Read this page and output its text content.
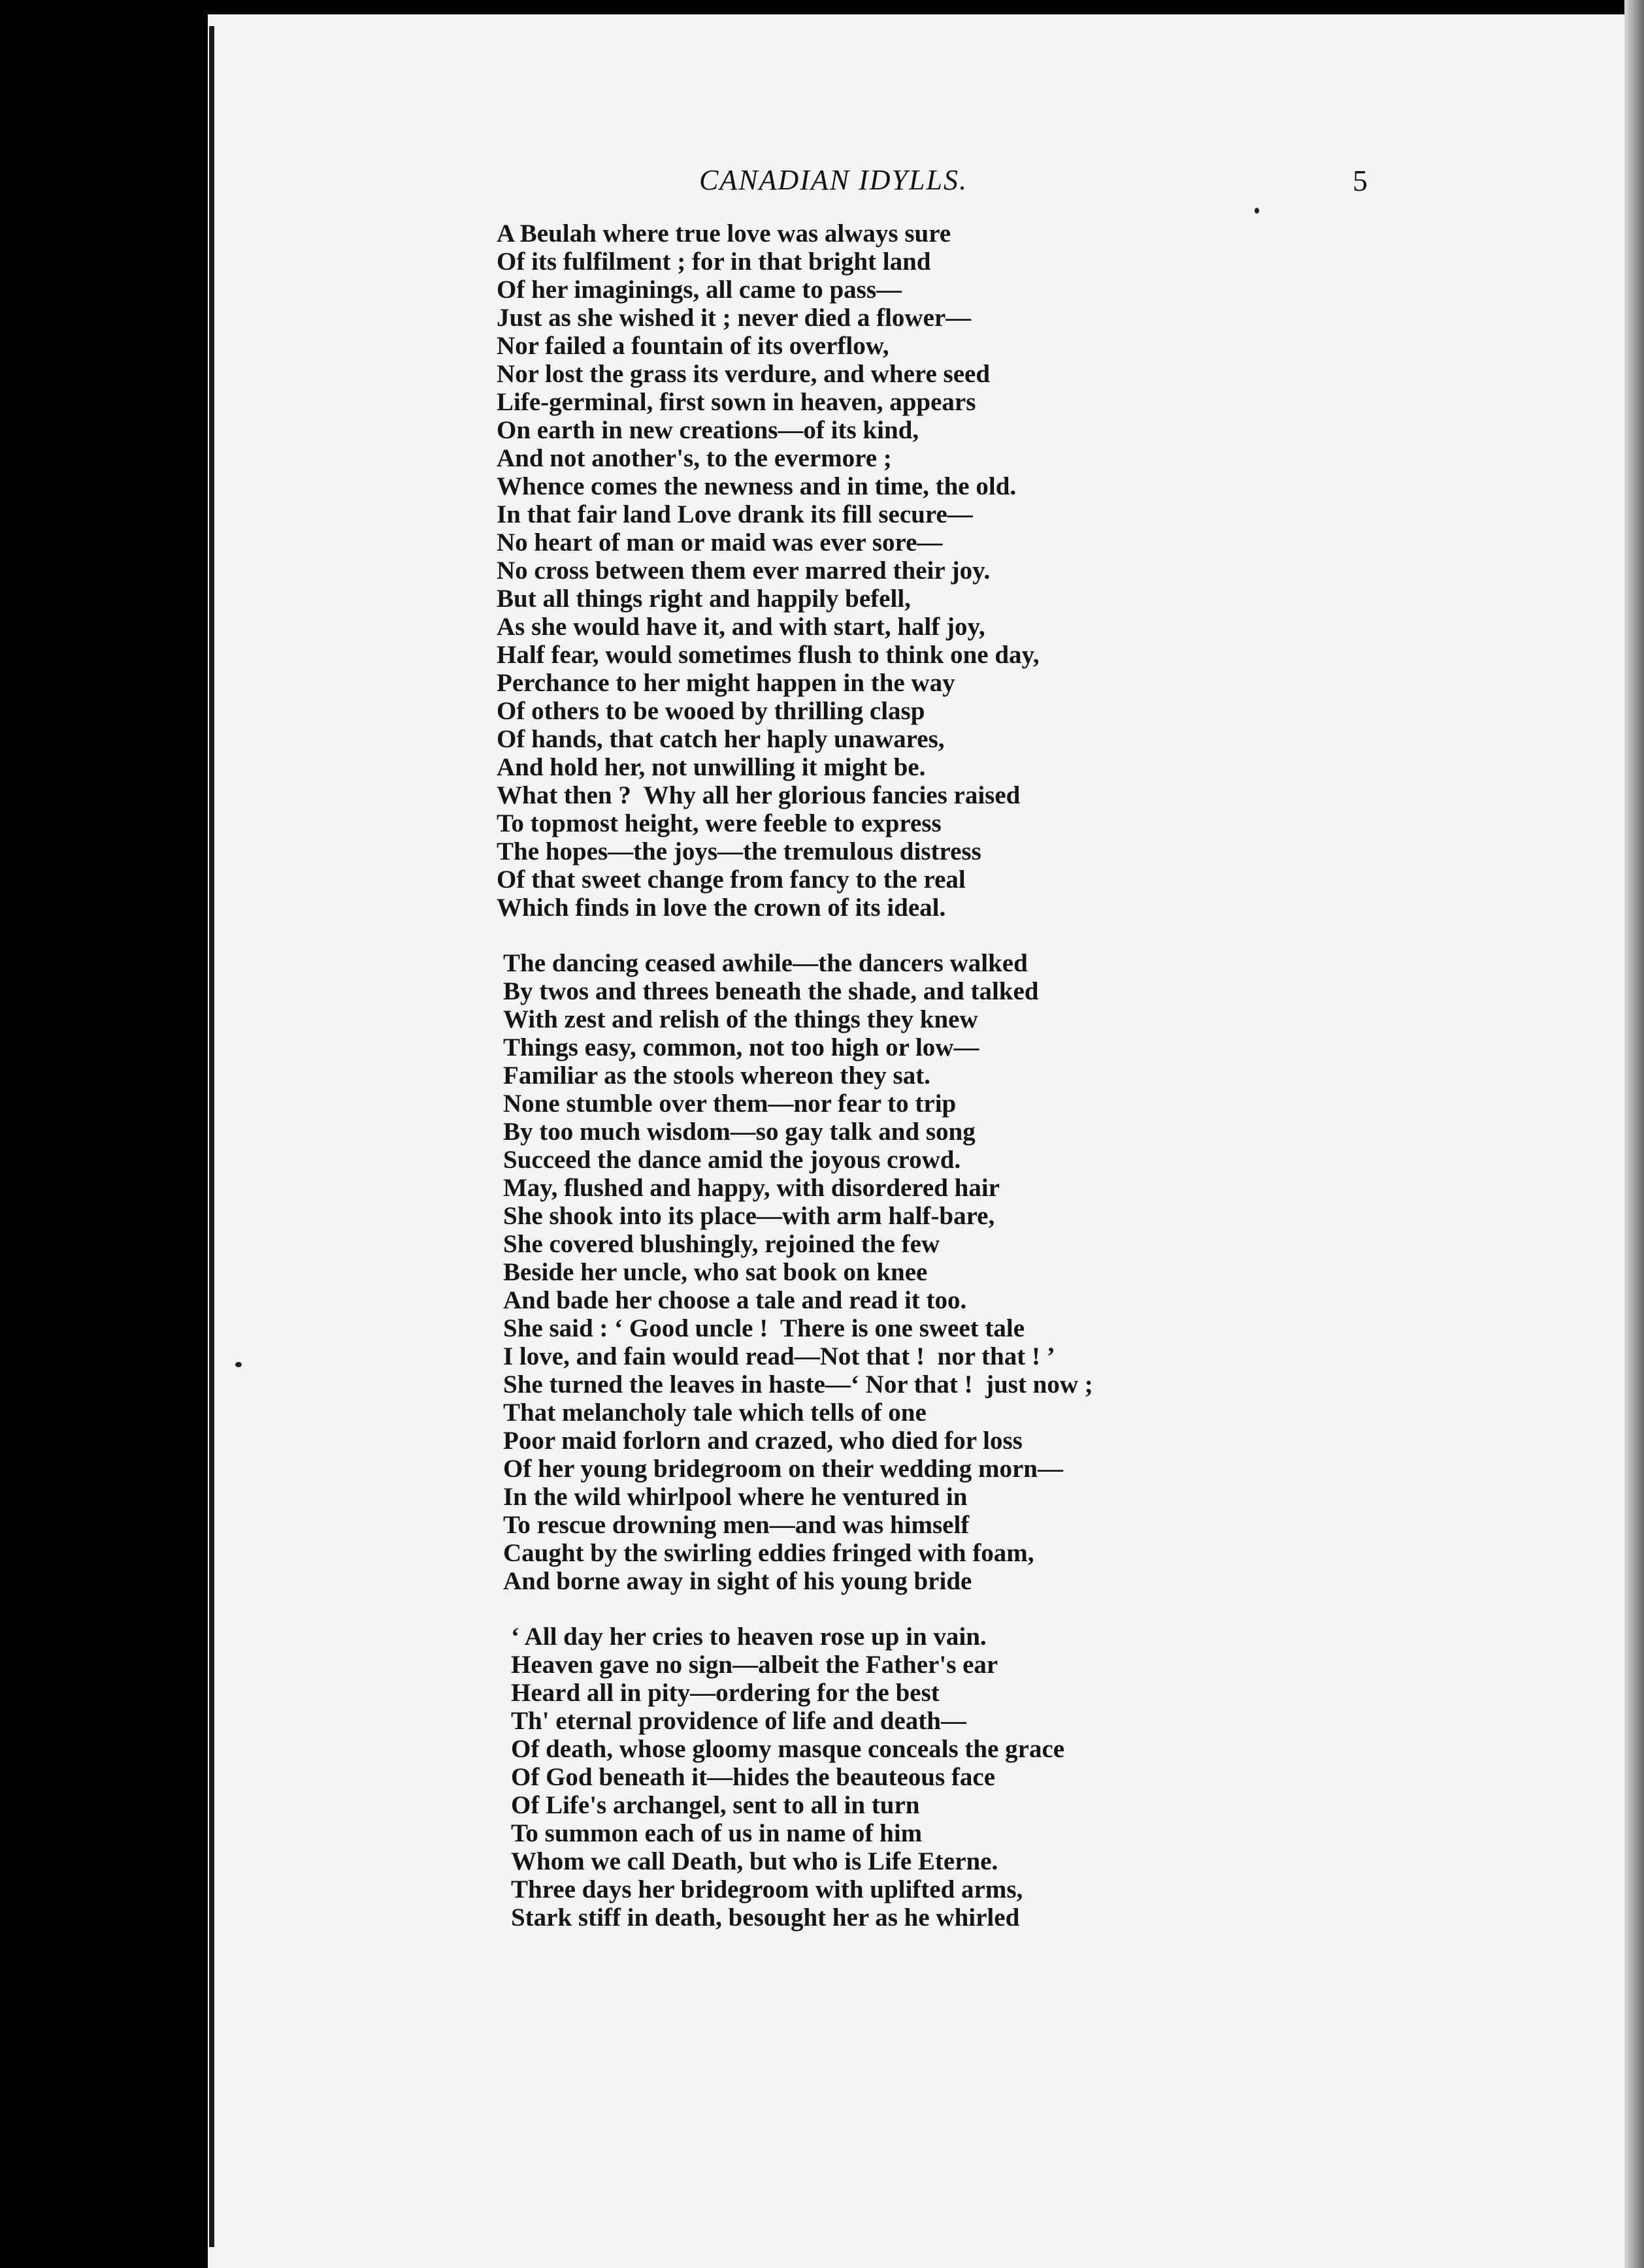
CANADIAN IDYLLS.	5
A Beulah where true love was always sure
Of its fulfilment ; for in that bright land
Of her imaginings, all came to pass—
Just as she wished it ; never died a flower—
Nor failed a fountain of its overflow,
Nor lost the grass its verdure, and where seed
Life-germinal, first sown in heaven, appears
On earth in new creations—of its kind,
And not another's, to the evermore ;
Whence comes the newness and in time, the old.
In that fair land Love drank its fill secure—
No heart of man or maid was ever sore—
No cross between them ever marred their joy.
But all things right and happily befell,
As she would have it, and with start, half joy,
Half fear, would sometimes flush to think one day,
Perchance to her might happen in the way
Of others to be wooed by thrilling clasp
Of hands, that catch her haply unawares,
And hold her, not unwilling it might be.
What then ?  Why all her glorious fancies raised
To topmost height, were feeble to express
The hopes—the joys—the tremulous distress
Of that sweet change from fancy to the real
Which finds in love the crown of its ideal.
The dancing ceased awhile—the dancers walked
By twos and threes beneath the shade, and talked
With zest and relish of the things they knew
Things easy, common, not too high or low—
Familiar as the stools whereon they sat.
None stumble over them—nor fear to trip
By too much wisdom—so gay talk and song
Succeed the dance amid the joyous crowd.
May, flushed and happy, with disordered hair
She shook into its place—with arm half-bare,
She covered blushingly, rejoined the few
Beside her uncle, who sat book on knee
And bade her choose a tale and read it too.
She said : ‘ Good uncle !  There is one sweet tale
I love, and fain would read—Not that !  nor that ! ’
She turned the leaves in haste—‘ Nor that !  just now ;
That melancholy tale which tells of one
Poor maid forlorn and crazed, who died for loss
Of her young bridegroom on their wedding morn—
In the wild whirlpool where he ventured in
To rescue drowning men—and was himself
Caught by the swirling eddies fringed with foam,
And borne away in sight of his young bride
‘ All day her cries to heaven rose up in vain.
Heaven gave no sign—albeit the Father's ear
Heard all in pity—ordering for the best
Th' eternal providence of life and death—
Of death, whose gloomy masque conceals the grace
Of God beneath it—hides the beauteous face
Of Life's archangel, sent to all in turn
To summon each of us in name of him
Whom we call Death, but who is Life Eterne.
Three days her bridegroom with uplifted arms,
Stark stiff in death, besought her as he whirled
